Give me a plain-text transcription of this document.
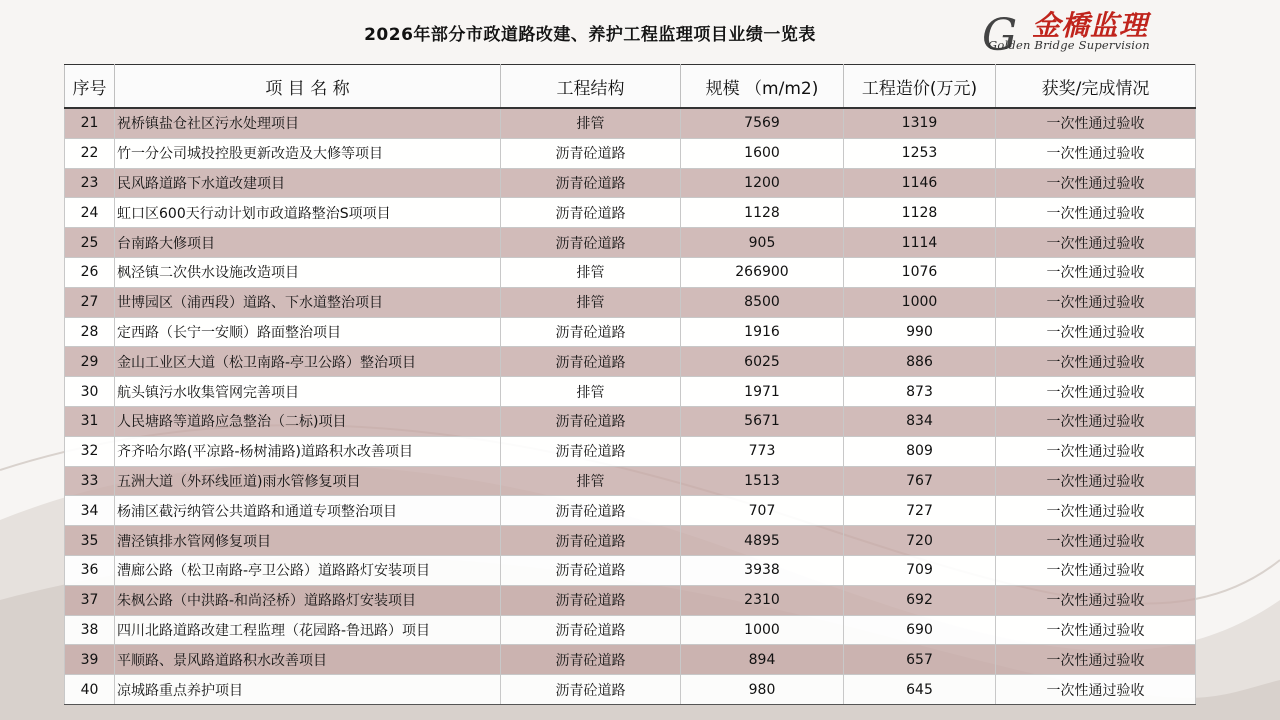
2026年部分市政道路改建、养护工程监理项目业绩一览表	G 金橋监理
Golden Bridge Supervision
序号	项 目 名 称	工程结构	规模 （m/m2)	工程造价(万元)	获奖/完成情况
21	祝桥镇盐仓社区污水处理项目	排管	7569	1319	一次性通过验收
22	竹一分公司城投控股更新改造及大修等项目	沥青砼道路	1600	1253	一次性通过验收
23	民风路道路下水道改建项目	沥青砼道路	1200	1146	一次性通过验收
24	虹口区600天行动计划市政道路整治S项项目	沥青砼道路	1128	1128	一次性通过验收
25	台南路大修项目	沥青砼道路	905	1114	一次性通过验收
26	枫泾镇二次供水设施改造项目	排管	266900	1076	一次性通过验收
27	世博园区（浦西段）道路、下水道整治项目	排管	8500	1000	一次性通过验收
28	定西路（长宁一安顺）路面整治项目	沥青砼道路	1916	990	一次性通过验收
29	金山工业区大道（松卫南路-亭卫公路）整治项目	沥青砼道路	6025	886	一次性通过验收
30	航头镇污水收集管网完善项目	排管	1971	873	一次性通过验收
31	人民塘路等道路应急整治（二标)项目	沥青砼道路	5671	834	一次性通过验收
32	齐齐哈尔路(平凉路-杨树浦路)道路积水改善项目	沥青砼道路	773	809	一次性通过验收
33	五洲大道（外环线匝道)雨水管修复项目	排管	1513	767	一次性通过验收
34	杨浦区截污纳管公共道路和通道专项整治项目	沥青砼道路	707	727	一次性通过验收
35	漕泾镇排水管网修复项目	沥青砼道路	4895	720	一次性通过验收
36	漕廊公路（松卫南路-亭卫公路）道路路灯安装项目	沥青砼道路	3938	709	一次性通过验收
37	朱枫公路（中洪路-和尚泾桥）道路路灯安装项目	沥青砼道路	2310	692	一次性通过验收
38	四川北路道路改建工程监理（花园路-鲁迅路）项目	沥青砼道路	1000	690	一次性通过验收
39	平顺路、景风路道路积水改善项目	沥青砼道路	894	657	一次性通过验收
40	凉城路重点养护项目	沥青砼道路	980	645	一次性通过验收
